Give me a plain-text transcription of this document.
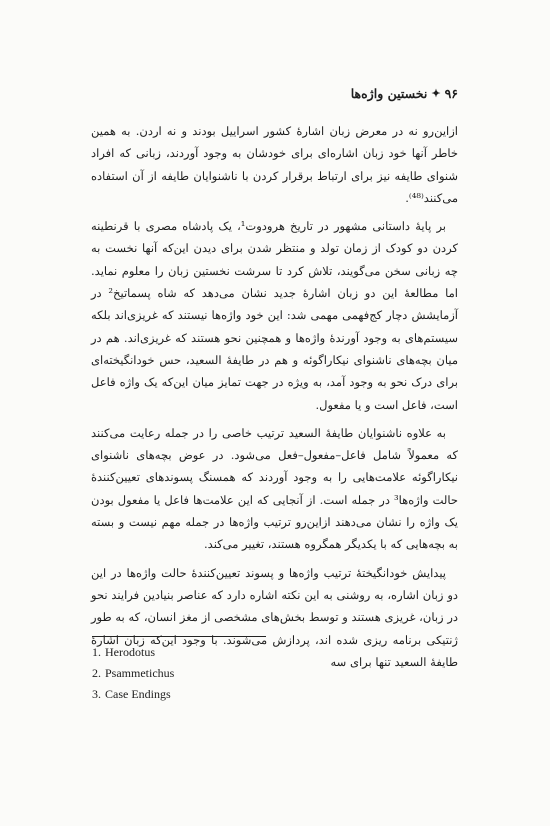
۹۶
✦
نخستین واژه‌ها

ازاین‌رو نه در معرض زبان اشارهٔ کشور اسراییل بودند و نه اردن. به همین خاطر آنها خود زبان اشاره‌ای برای خودشان به وجود آوردند، زبانی که افراد شنوای طایفه نیز برای ارتباط برقرار کردن با ناشنوایان طایفه از آن استفاده می‌کنند⁽⁴⁸⁾.

بر پایهٔ داستانی مشهور در تاریخ هرودوت¹، یک پادشاه مصری با قرنطینه کردن دو کودک از زمان تولد و منتظر شدن برای دیدن این‌که آنها نخست به چه زبانی سخن می‌گویند، تلاش کرد تا سرشت نخستین زبان را معلوم نماید. اما مطالعهٔ این دو زبان اشارهٔ جدید نشان می‌دهد که شاه پسماتیخ² در آزمایشش دچار کج‌فهمی مهمی شد: این خود واژه‌ها نیستند که غریزی‌اند بلکه سیستم‌های به وجود آورندهٔ واژه‌ها و همچنین نحو هستند که غریزی‌اند. هم در میان بچه‌های ناشنوای نیکاراگوئه و هم در طایفهٔ السعید، حس خودانگیخته‌ای برای درک نحو به وجود آمد، به ویژه در جهت تمایز میان این‌که یک واژه فاعل است، فاعل است و یا مفعول.

به علاوه ناشنوایان طایفهٔ السعید ترتیب خاصی را در جمله رعایت می‌کنند که معمولاً شامل فاعل–مفعول–فعل می‌شود. در عوض بچه‌های ناشنوای نیکاراگوئه علامت‌هایی را به وجود آوردند که همسنگ پسوندهای تعیین‌کنندهٔ حالت واژه‌ها³ در جمله است. از آنجایی که این علامت‌ها فاعل یا مفعول بودن یک واژه را نشان می‌دهند ازاین‌رو ترتیب واژه‌ها در جمله مهم نیست و بسته به بچه‌هایی که با یکدیگر همگروه هستند، تغییر می‌کند.

پیدایش خودانگیختهٔ ترتیب واژه‌ها و پسوند تعیین‌کنندهٔ حالت واژه‌ها در این دو زبان اشاره، به روشنی به این نکته اشاره دارد که عناصر بنیادین فرایند نحو در زبان، غریزی هستند و توسط بخش‌های مشخصی از مغز انسان، که به طور ژنتیکی برنامه ریزی شده اند، پردازش می‌شوند. با وجود این‌که زبان اشارهٔ طایفهٔ السعید تنها برای سه

1. Herodotus
2. Psammetichus
3. Case Endings
